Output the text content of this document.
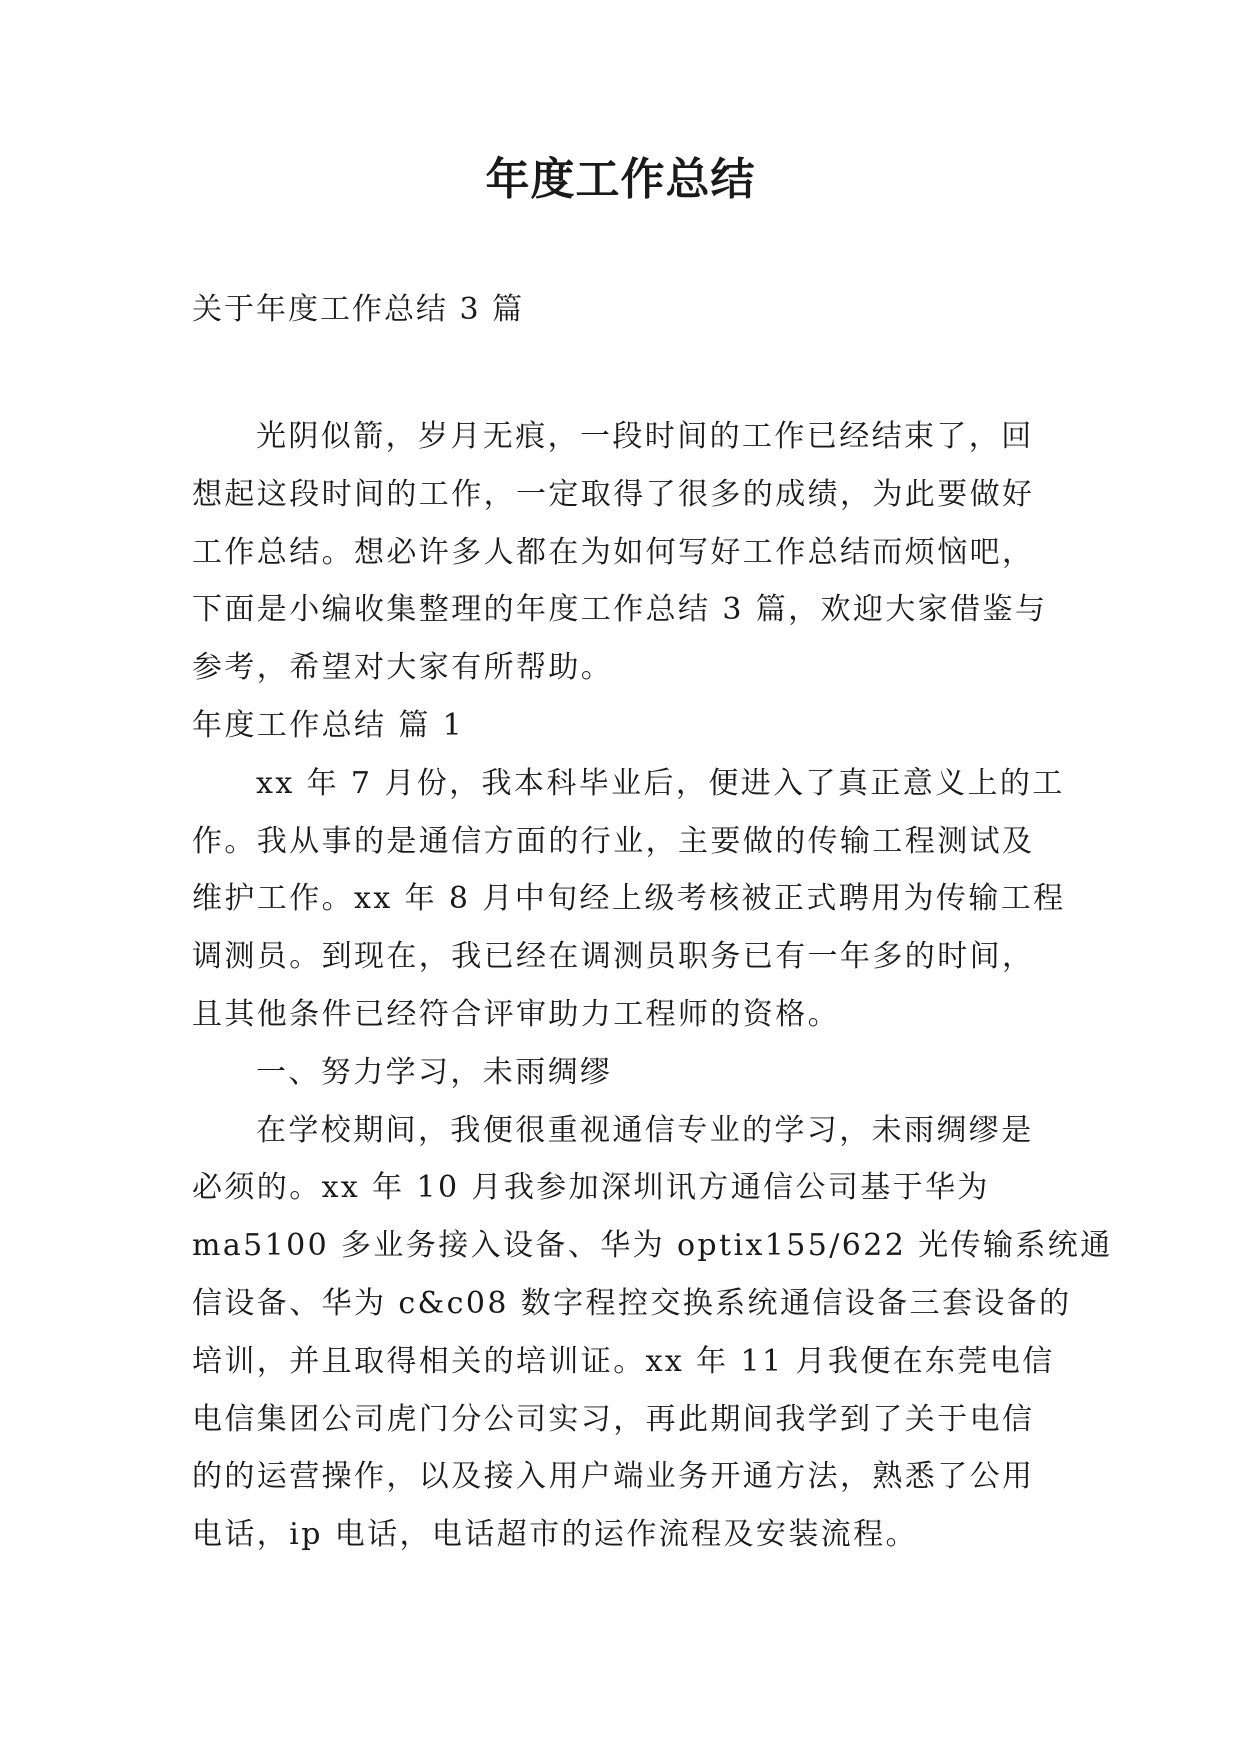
年度工作总结
关于年度工作总结 3 篇
光阴似箭，岁月无痕，一段时间的工作已经结束了，回
想起这段时间的工作，一定取得了很多的成绩，为此要做好
工作总结。想必许多人都在为如何写好工作总结而烦恼吧，
下面是小编收集整理的年度工作总结 3 篇，欢迎大家借鉴与
参考，希望对大家有所帮助。
年度工作总结 篇 1
xx 年 7 月份，我本科毕业后，便进入了真正意义上的工
作。我从事的是通信方面的行业，主要做的传输工程测试及
维护工作。xx 年 8 月中旬经上级考核被正式聘用为传输工程
调测员。到现在，我已经在调测员职务已有一年多的时间，
且其他条件已经符合评审助力工程师的资格。
一、努力学习，未雨绸缪
在学校期间，我便很重视通信专业的学习，未雨绸缪是
必须的。xx 年 10 月我参加深圳讯方通信公司基于华为
ma5100 多业务接入设备、华为 optix155/622 光传输系统通
信设备、华为 c&c08 数字程控交换系统通信设备三套设备的
培训，并且取得相关的培训证。xx 年 11 月我便在东莞电信
电信集团公司虎门分公司实习，再此期间我学到了关于电信
的的运营操作，以及接入用户端业务开通方法，熟悉了公用
电话，ip 电话，电话超市的运作流程及安装流程。
